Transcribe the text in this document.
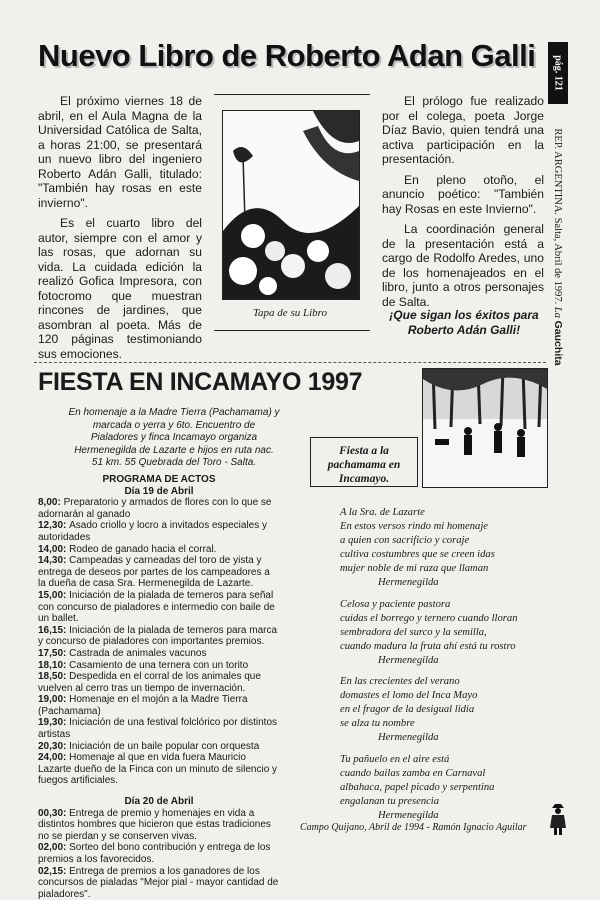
Nuevo Libro de Roberto Adan Galli pág. 121
REP. ARGENTINA. Salta, Abril de 1997. La Gauchita

El próximo viernes 18 de abril, en el Aula Magna de la Universidad Católica de Salta, a horas 21:00, se presentará un nuevo libro del ingeniero Roberto Adán Galli, titulado: "También hay rosas en este invierno".

Es el cuarto libro del autor, siempre con el amor y las rosas, que adornan su vida. La cuidada edición la realizó Gofica Impresora, con fotocromo que muestran rincones de jardines, que asombran al poeta. Más de 120 páginas testimoniando sus emociones.

Tapa de su Libro

El prólogo fue realizado por el colega, poeta Jorge Díaz Bavio, quien tendrá una activa participación en la presentación.

En pleno otoño, el anuncio poético: "También hay Rosas en este Invierno".

La coordinación general de la presentación está a cargo de Rodolfo Aredes, uno de los homenajeados en el libro, junto a otros personajes de Salta.

¡Que sigan los éxitos para Roberto Adán Galli!
FIESTA EN INCAMAYO 1997
En homenaje a la Madre Tierra (Pachamama) y marcada o yerra y 6to. Encuentro de Pialadores y finca Incamayo organiza Hermenegilda de Lazarte e hijos en ruta nac. 51 km. 55 Quebrada del Toro - Salta.
Fiesta a la pachamama en Incamayo.
PROGRAMA DE ACTOS
Día 19 de Abril
8,00: Preparatorio y armados de flores con lo que se adornarán al ganado
12,30: Asado criollo y locro a invitados especiales y autoridades
14,00: Rodeo de ganado hacia el corral.
14,30: Campeadas y carneadas del toro de yista y entrega de deseos por partes de los campeadores a la dueña de casa Sra. Hermenegilda de Lazarte.
15,00: Iniciación de la pialada de terneros para señal con concurso de pialadores e intermedio con baile de un ballet.
16,15: Iniciación de la pialada de terneros para marca y concurso de pialadores con importantes premios.
17,50: Castrada de animales vacunos
18,10: Casamiento de una ternera con un torito
18,50: Despedida en el corral de los animales que vuelven al cerro tras un tiempo de invernación.
19,00: Homenaje en el mojón a la Madre Tierra (Pachamama)
19,30: Iniciación de una festival folclórico por distintos artistas
20,30: Iniciación de un baile popular con orquesta
24,00: Homenaje al que en vida fuera Mauricio Lazarte dueño de la Finca con un minuto de silencio y fuegos artificiales.
Día 20 de Abril
00,30: Entrega de premio y homenajes en vida a distintos hombres que hicieron que estas tradiciones no se pierdan y se conserven vivas.
02,00: Sorteo del bono contribución y entrega de los premios a los favorecidos.
02,15: Entrega de premios a los ganadores de los concursos de pialadas "Mejor pial - mayor cantidad de pialadores".
A la Sra. de Lazarte
En estos versos rindo mi homenaje
a quien con sacrificio y coraje
cultiva costumbres que se creen idas
mujer noble de mi raza que llaman
Hermenegilda
Celosa y paciente pastora
cuidas el borrego y ternero cuando lloran
sembradora del surco y la semilla,
cuando madura la fruta ahí está tu rostro
Hermenegilda
En las crecientes del verano
domastes el lomo del Inca Mayo
en el fragor de la desigual lidia
se alza tu nombre
Hermenegilda
Tu pañuelo en el aire está
cuando bailas zamba en Carnaval
albahaca, papel picado y serpentina
engalanan tu presencia
Hermenegilda
Campo Quijano, Abril de 1994 - Ramón Ignacio Aguilar
